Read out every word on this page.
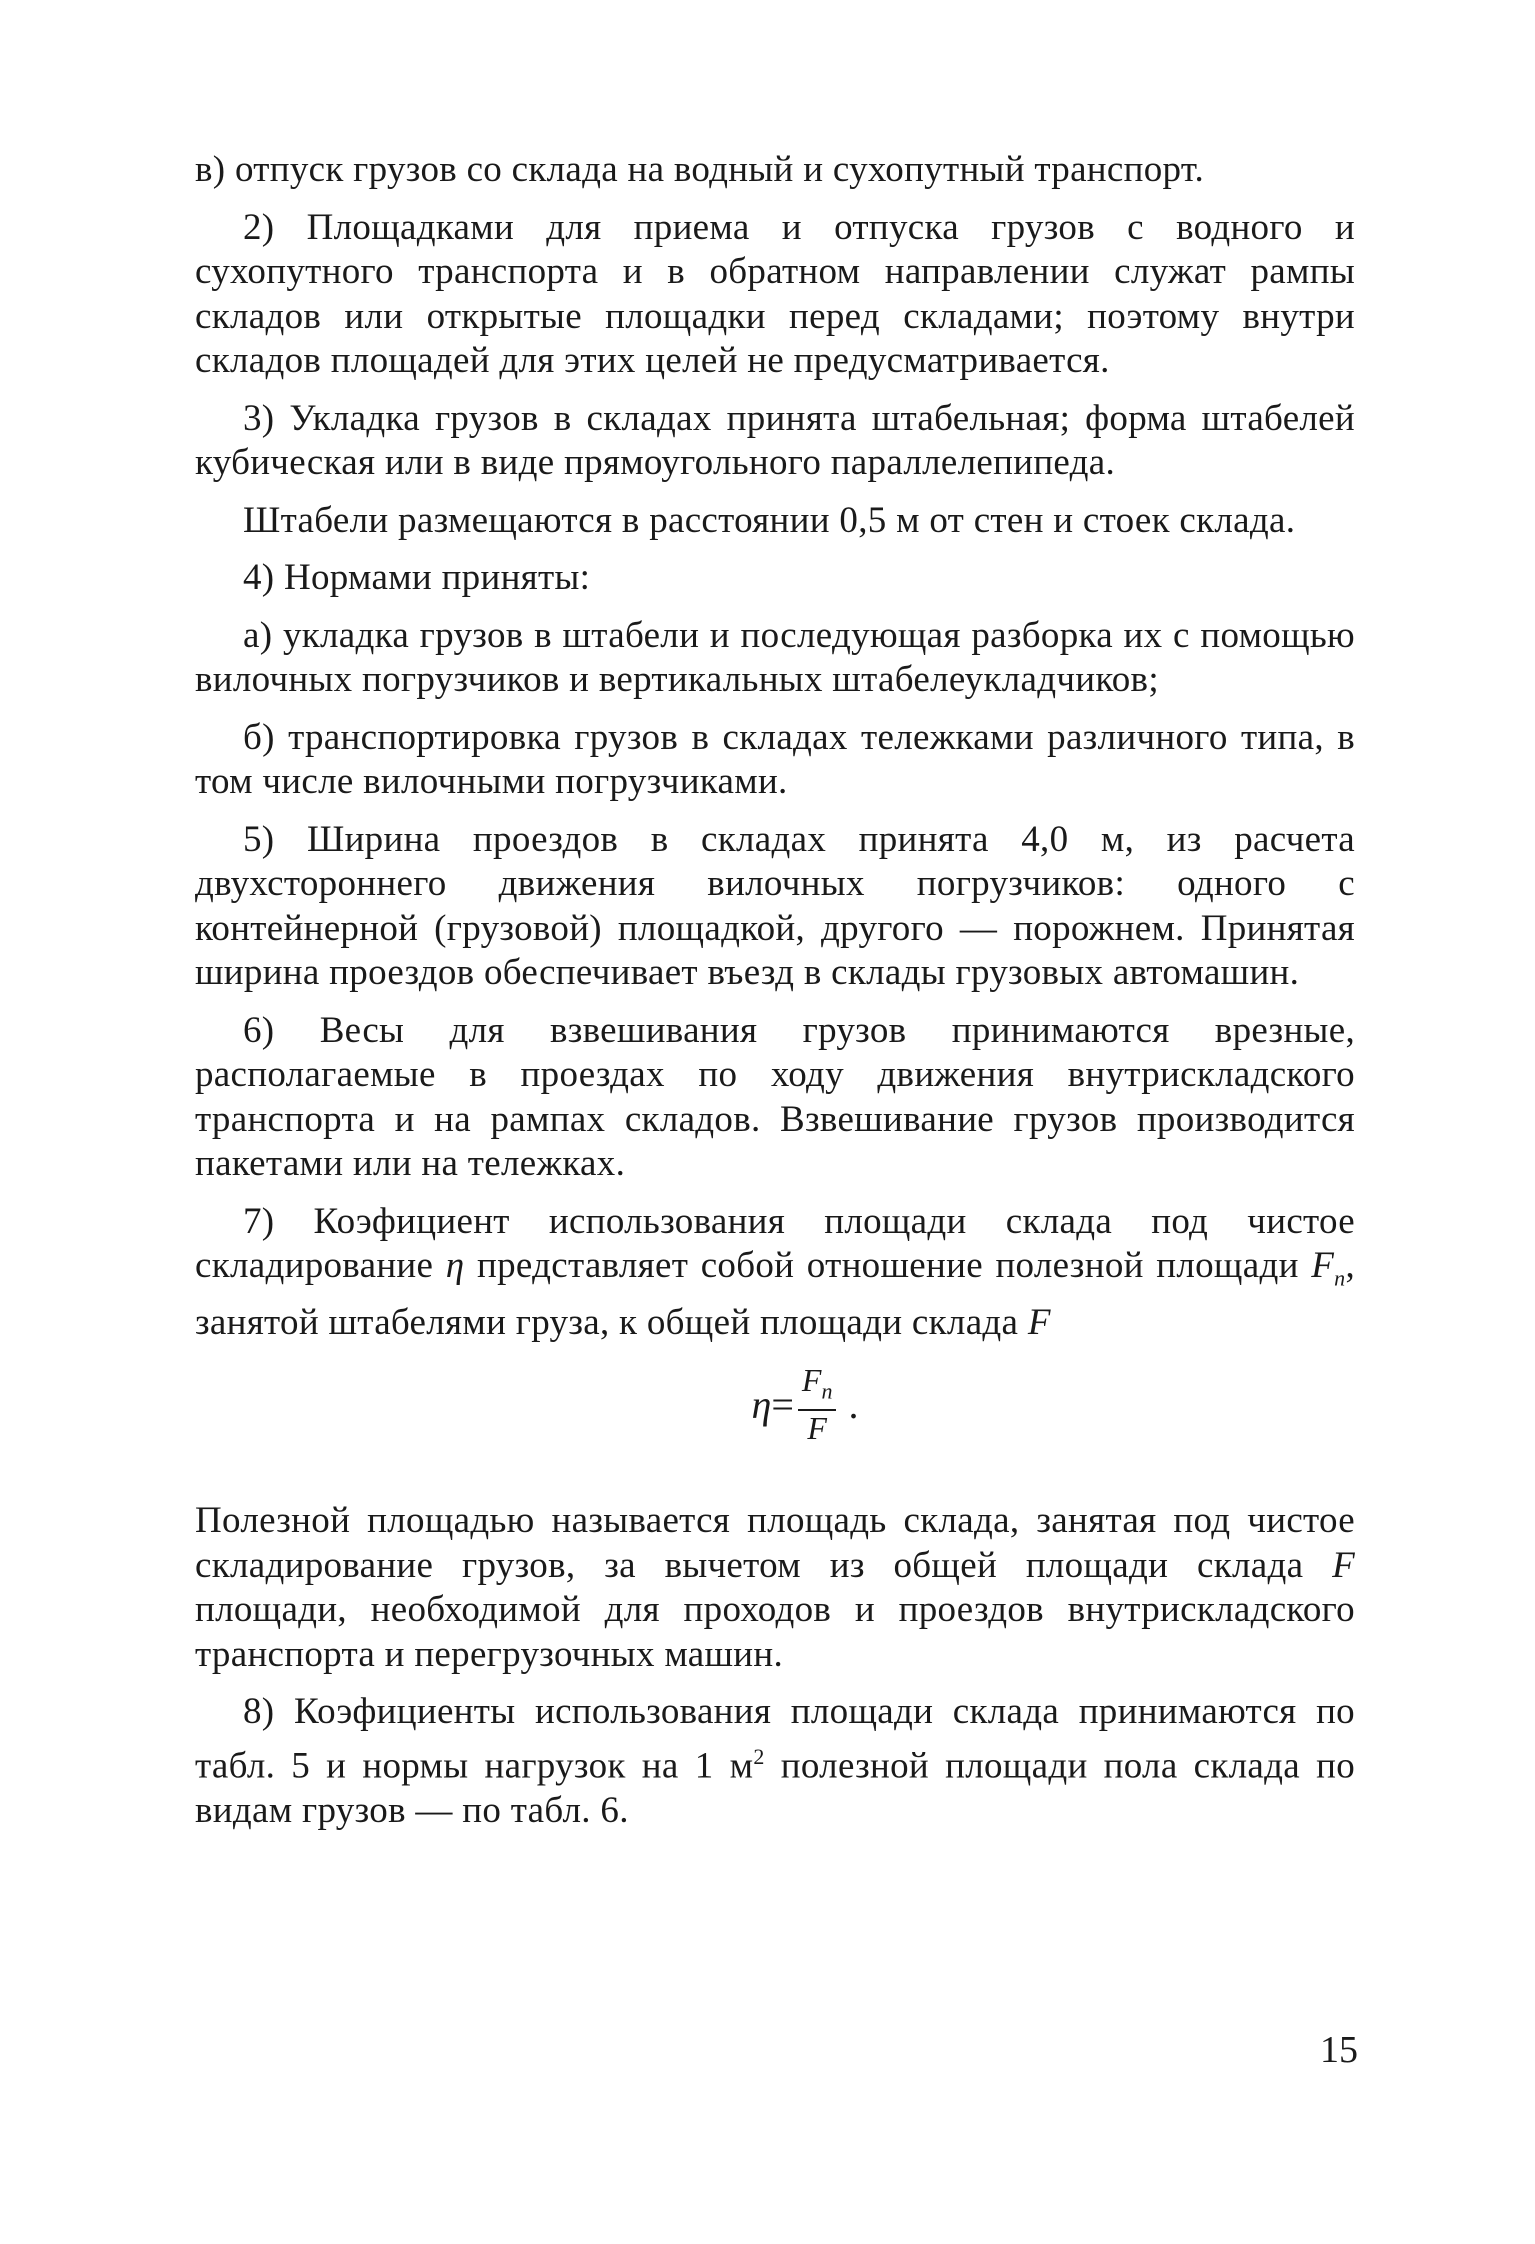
в) отпуск грузов со склада на водный и сухопутный транспорт.

2) Площадками для приема и отпуска грузов с водного и сухопутного транспорта и в обратном направлении служат рампы складов или открытые площадки перед складами; поэтому внутри складов площадей для этих целей не предусматривается.

3) Укладка грузов в складах принята штабельная; форма штабелей кубическая или в виде прямоугольного параллелепипеда.

Штабели размещаются в расстоянии 0,5 м от стен и стоек склада.

4) Нормами приняты:

а) укладка грузов в штабели и последующая разборка их с помощью вилочных погрузчиков и вертикальных штабелеукладчиков;

б) транспортировка грузов в складах тележками различного типа, в том числе вилочными погрузчиками.

5) Ширина проездов в складах принята 4,0 м, из расчета двухстороннего движения вилочных погрузчиков: одного с контейнерной (грузовой) площадкой, другого — порожнем. Принятая ширина проездов обеспечивает въезд в склады грузовых автомашин.

6) Весы для взвешивания грузов принимаются врезные, располагаемые в проездах по ходу движения внутрискладского транспорта и на рампах складов. Взвешивание грузов производится пакетами или на тележках.

7) Коэфициент использования площади склада под чистое складирование η представляет собой отношение полезной площади $F_п$, занятой штабелями груза, к общей площади склада F

$\eta = \frac{F_n}{F}$ .

Полезной площадью называется площадь склада, занятая под чистое складирование грузов, за вычетом из общей площади склада F площади, необходимой для проходов и проездов внутрискладского транспорта и перегрузочных машин.

8) Коэфициенты использования площади склада принимаются по табл. 5 и нормы нагрузок на 1 $м^2$ полезной площади пола склада по видам грузов — по табл. 6.

15
